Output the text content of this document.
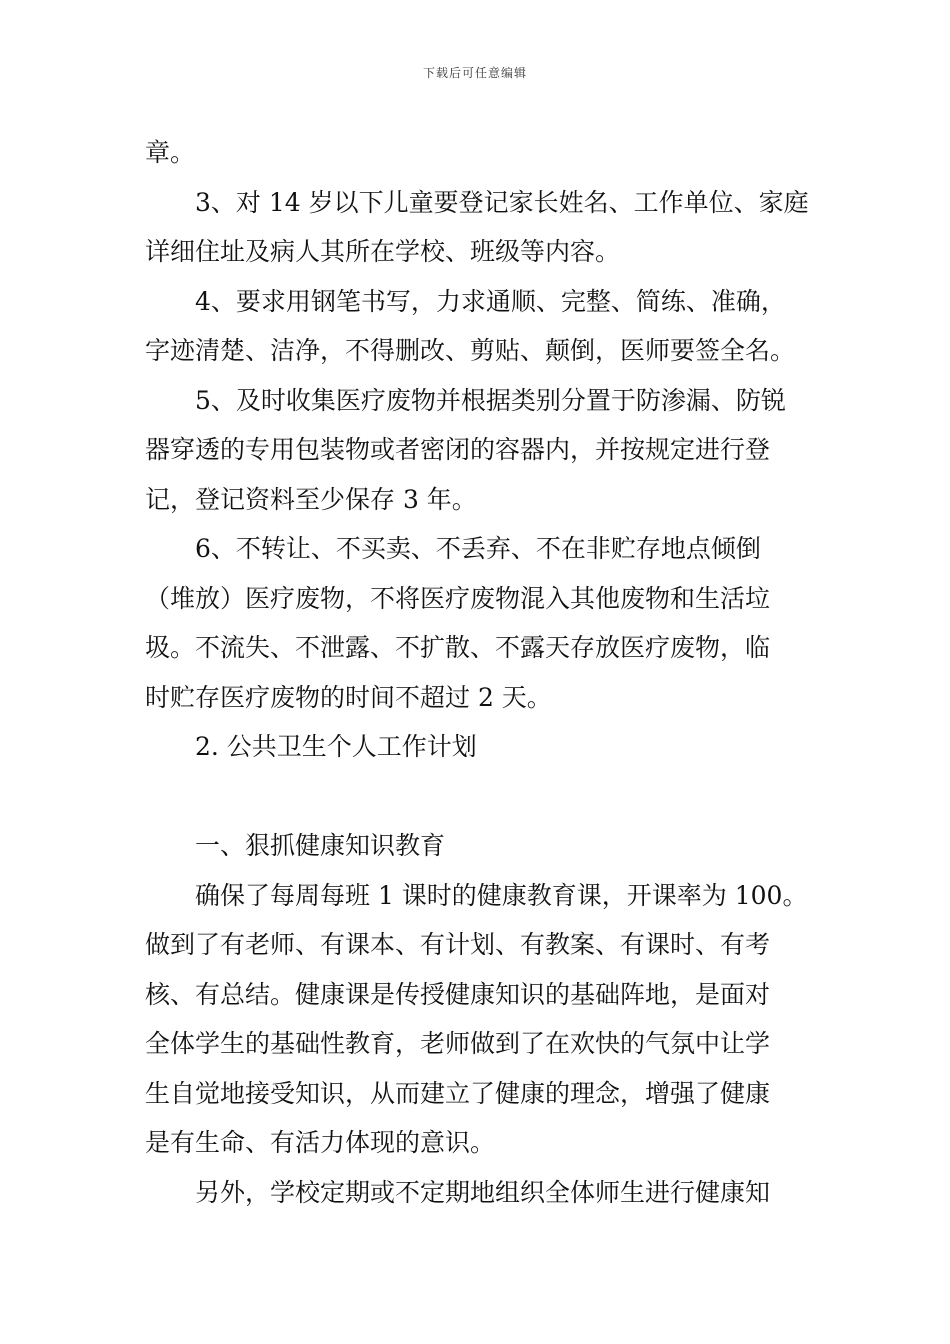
下载后可任意编辑
章。
3、对 14 岁以下儿童要登记家长姓名、工作单位、家庭
详细住址及病人其所在学校、班级等内容。
4、要求用钢笔书写，力求通顺、完整、简练、准确，
字迹清楚、洁净，不得删改、剪贴、颠倒，医师要签全名。
5、及时收集医疗废物并根据类别分置于防渗漏、防锐
器穿透的专用包装物或者密闭的容器内，并按规定进行登
记，登记资料至少保存 3 年。
6、不转让、不买卖、不丢弃、不在非贮存地点倾倒
（堆放）医疗废物，不将医疗废物混入其他废物和生活垃
圾。不流失、不泄露、不扩散、不露天存放医疗废物，临
时贮存医疗废物的时间不超过 2 天。
2. 公共卫生个人工作计划
一、狠抓健康知识教育
确保了每周每班 1 课时的健康教育课，开课率为 100。
做到了有老师、有课本、有计划、有教案、有课时、有考
核、有总结。健康课是传授健康知识的基础阵地，是面对
全体学生的基础性教育，老师做到了在欢快的气氛中让学
生自觉地接受知识，从而建立了健康的理念，增强了健康
是有生命、有活力体现的意识。
另外，学校定期或不定期地组织全体师生进行健康知
